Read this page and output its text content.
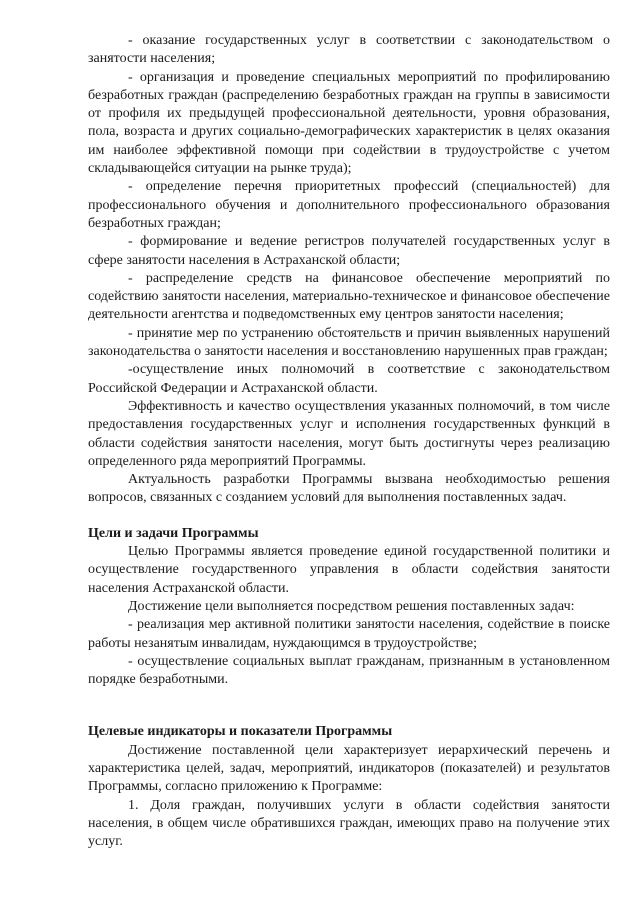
- оказание государственных услуг в соответствии с законодательством о занятости населения;

- организация и проведение специальных мероприятий по профилированию безработных граждан (распределению безработных граждан на группы в зависимости от профиля их предыдущей профессиональной деятельности, уровня образования, пола, возраста и других социально-демографических характеристик в целях оказания им наиболее эффективной помощи при содействии в трудоустройстве с учетом складывающейся ситуации на рынке труда);

- определение перечня приоритетных профессий (специальностей) для профессионального обучения и дополнительного профессионального образования безработных граждан;

- формирование и ведение регистров получателей государственных услуг в сфере занятости населения в Астраханской области;

- распределение средств на финансовое обеспечение мероприятий по содействию занятости населения, материально-техническое и финансовое обеспечение деятельности агентства и подведомственных ему центров занятости населения;

- принятие мер по устранению обстоятельств и причин выявленных нарушений законодательства о занятости населения и восстановлению нарушенных прав граждан;

-осуществление иных полномочий в соответствие с законодательством Российской Федерации и Астраханской области.

Эффективность и качество осуществления указанных полномочий, в том числе предоставления государственных услуг и исполнения государственных функций в области содействия занятости населения, могут быть достигнуты через реализацию определенного ряда мероприятий Программы.

Актуальность разработки Программы вызвана необходимостью решения вопросов, связанных с созданием условий для выполнения поставленных задач.

Цели и задачи Программы

Целью Программы является проведение единой государственной политики и осуществление государственного управления в области содействия занятости населения Астраханской области.

Достижение цели выполняется посредством решения поставленных задач:

- реализация мер активной политики занятости населения, содействие в поиске работы незанятым инвалидам, нуждающимся в трудоустройстве;

- осуществление социальных выплат гражданам, признанным в установленном порядке безработными.

Целевые индикаторы и показатели Программы

Достижение поставленной цели характеризует иерархический перечень и характеристика целей, задач, мероприятий, индикаторов (показателей) и результатов Программы, согласно приложению к Программе:

1. Доля граждан, получивших услуги в области содействия занятости населения, в общем числе обратившихся граждан, имеющих право на получение этих услуг.
